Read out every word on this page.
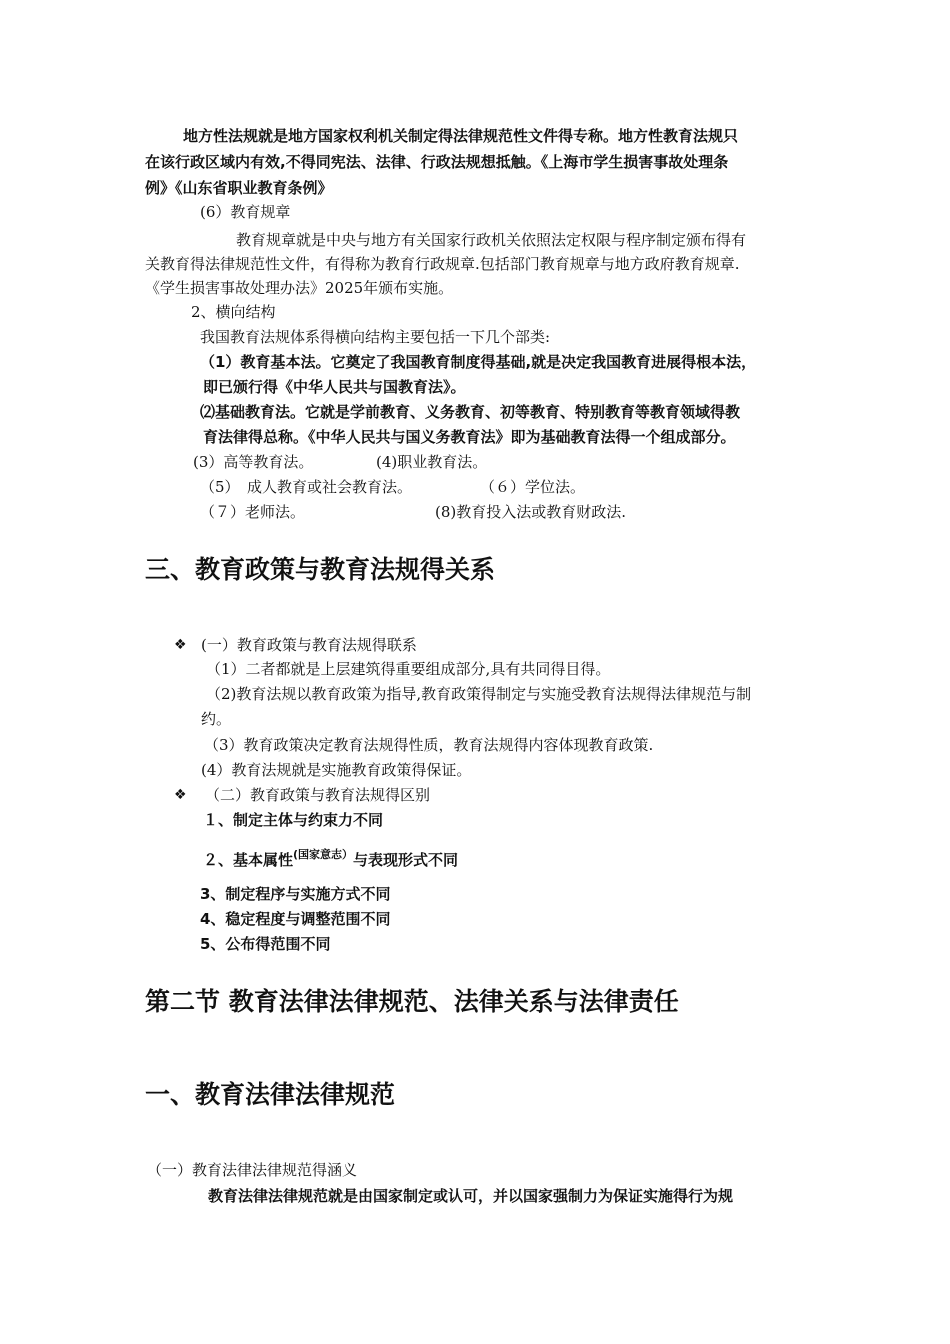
地方性法规就是地方国家权利机关制定得法律规范性文件得专称。地方性教育法规只
在该行政区域内有效,不得同宪法、法律、行政法规想抵触。《上海市学生损害事故处理条
例》《山东省职业教育条例》
(6）教育规章
教育规章就是中央与地方有关国家行政机关依照法定权限与程序制定颁布得有
关教育得法律规范性文件，有得称为教育行政规章.包括部门教育规章与地方政府教育规章.
《学生损害事故处理办法》2025年颁布实施。
2、横向结构
我国教育法规体系得横向结构主要包括一下几个部类:
（1）教育基本法。它奠定了我国教育制度得基础,就是决定我国教育进展得根本法，
即已颁行得《中华人民共与国教育法》。
⑵基础教育法。它就是学前教育、义务教育、初等教育、特别教育等教育领域得教
育法律得总称。《中华人民共与国义务教育法》即为基础教育法得一个组成部分。
(3）高等教育法。	(4)职业教育法。
（5）　成人教育或社会教育法。	（６）学位法。
（７）老师法。	(8)教育投入法或教育财政法.
三、教育政策与教育法规得关系
❖ (一）教育政策与教育法规得联系
（1）二者都就是上层建筑得重要组成部分,具有共同得目得。
（2)教育法规以教育政策为指导,教育政策得制定与实施受教育法规得法律规范与制
约。
（3）教育政策决定教育法规得性质，教育法规得内容体现教育政策.
(4）教育法规就是实施教育政策得保证。
❖ （二）教育政策与教育法规得区别
１、制定主体与约束力不同
２、基本属性$^{(国家意志)}$与表现形式不同
3、制定程序与实施方式不同
4、稳定程度与调整范围不同
5、公布得范围不同
第二节 教育法律法律规范、法律关系与法律责任
一、教育法律法律规范
（一）教育法律法律规范得涵义
教育法律法律规范就是由国家制定或认可，并以国家强制力为保证实施得行为规
